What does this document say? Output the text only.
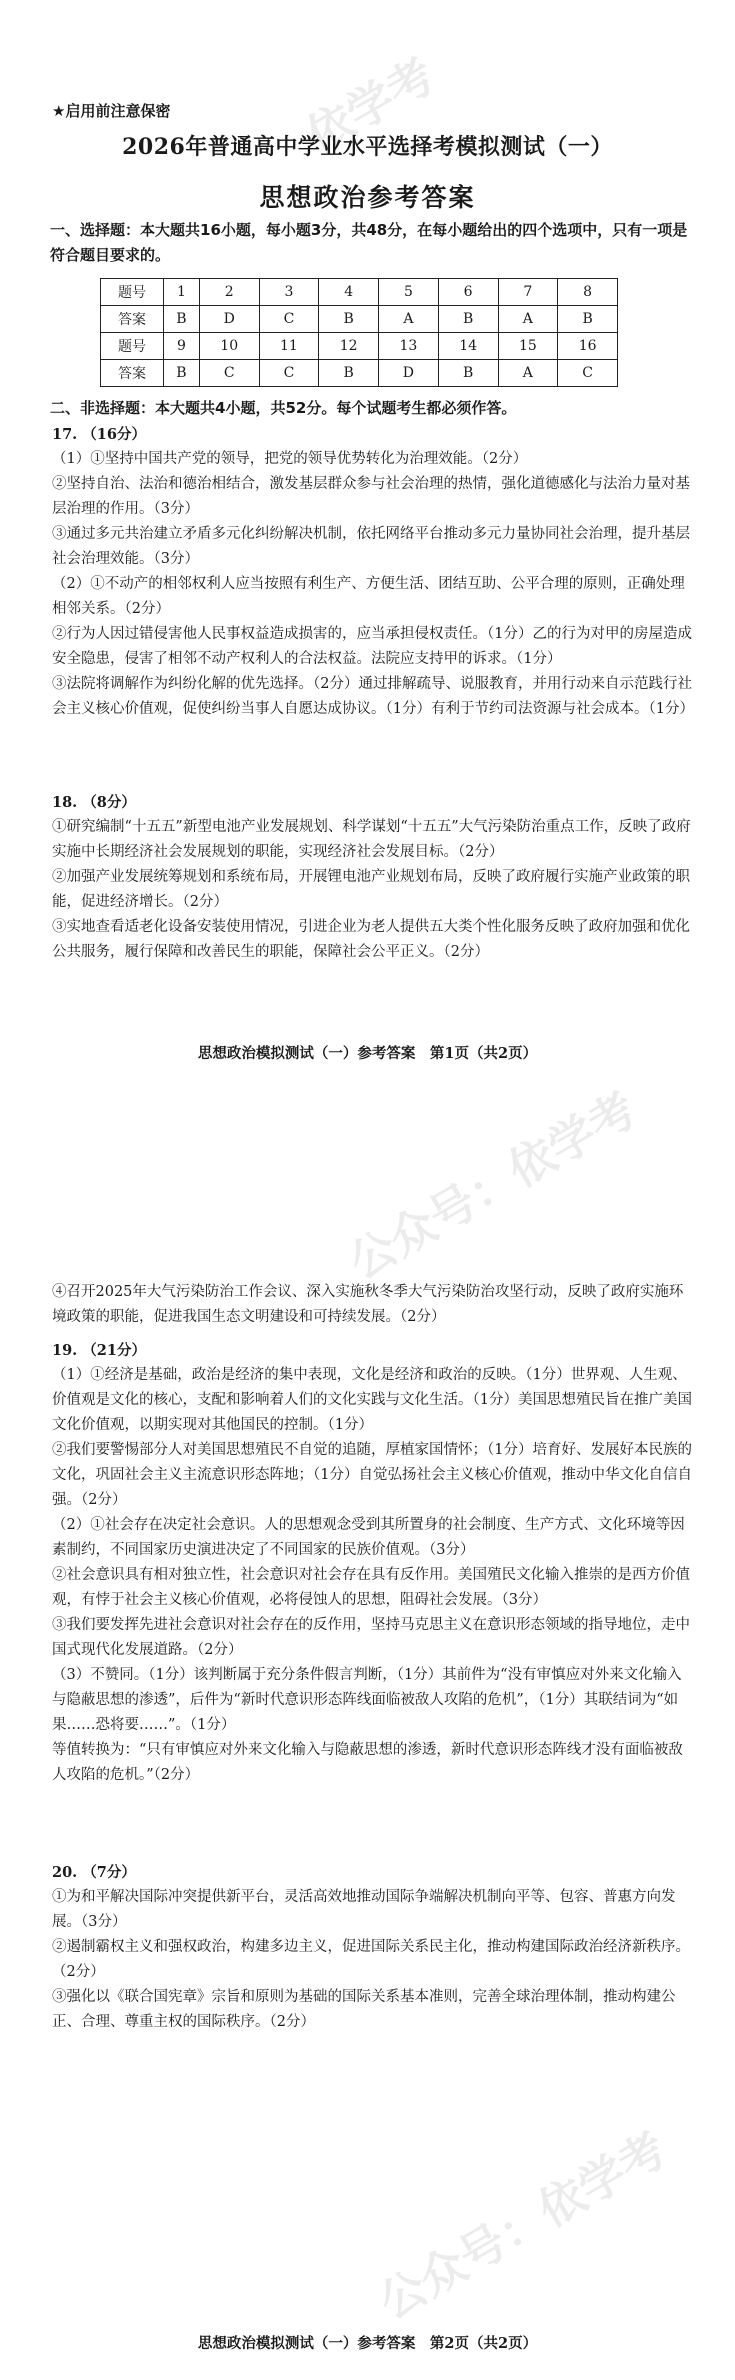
依学考
公众号：依学考
★启用前注意保密
2026年普通高中学业水平选择考模拟测试（一）
思想政治参考答案
一、选择题：本大题共16小题，每小题3分，共48分，在每小题给出的四个选项中，只有一项是符合题目要求的。
题号	1	2	3	4	5	6	7	8
答案	B	D	C	B	A	B	A	B
题号	9	10	11	12	13	14	15	16
答案	B	C	C	B	D	B	A	C
二、非选择题：本大题共4小题，共52分。每个试题考生都必须作答。
17. （16分）

（1）①坚持中国共产党的领导，把党的领导优势转化为治理效能。（2分）

②坚持自治、法治和德治相结合，激发基层群众参与社会治理的热情，强化道德感化与法治力量对基层治理的作用。（3分）

③通过多元共治建立矛盾多元化纠纷解决机制，依托网络平台推动多元力量协同社会治理，提升基层社会治理效能。（3分）

（2）①不动产的相邻权利人应当按照有利生产、方便生活、团结互助、公平合理的原则，正确处理相邻关系。（2分）

②行为人因过错侵害他人民事权益造成损害的，应当承担侵权责任。（1分）乙的行为对甲的房屋造成安全隐患，侵害了相邻不动产权利人的合法权益。法院应支持甲的诉求。（1分）

③法院将调解作为纠纷化解的优先选择。（2分）通过排解疏导、说服教育，并用行动来自示范践行社会主义核心价值观，促使纠纷当事人自愿达成协议。（1分）有利于节约司法资源与社会成本。（1分）

18. （8分）

①研究编制“十五五”新型电池产业发展规划、科学谋划“十五五”大气污染防治重点工作，反映了政府实施中长期经济社会发展规划的职能，实现经济社会发展目标。（2分）

②加强产业发展统筹规划和系统布局，开展锂电池产业规划布局，反映了政府履行实施产业政策的职能，促进经济增长。（2分）

③实地查看适老化设备安装使用情况，引进企业为老人提供五大类个性化服务反映了政府加强和优化公共服务，履行保障和改善民生的职能，保障社会公平正义。（2分）

思想政治模拟测试（一）参考答案　第1页（共2页）
公众号：依学考

④召开2025年大气污染防治工作会议、深入实施秋冬季大气污染防治攻坚行动，反映了政府实施环境政策的职能，促进我国生态文明建设和可持续发展。（2分）

19. （21分）

（1）①经济是基础，政治是经济的集中表现，文化是经济和政治的反映。（1分）世界观、人生观、价值观是文化的核心，支配和影响着人们的文化实践与文化生活。（1分）美国思想殖民旨在推广美国文化价值观，以期实现对其他国民的控制。（1分）

②我们要警惕部分人对美国思想殖民不自觉的追随，厚植家国情怀；（1分）培育好、发展好本民族的文化，巩固社会主义主流意识形态阵地；（1分）自觉弘扬社会主义核心价值观，推动中华文化自信自强。（2分）

（2）①社会存在决定社会意识。人的思想观念受到其所置身的社会制度、生产方式、文化环境等因素制约，不同国家历史演进决定了不同国家的民族价值观。（3分）

②社会意识具有相对独立性，社会意识对社会存在具有反作用。美国殖民文化输入推崇的是西方价值观，有悖于社会主义核心价值观，必将侵蚀人的思想，阻碍社会发展。（3分）

③我们要发挥先进社会意识对社会存在的反作用，坚持马克思主义在意识形态领域的指导地位，走中国式现代化发展道路。（2分）

（3）不赞同。（1分）该判断属于充分条件假言判断，（1分）其前件为“没有审慎应对外来文化输入与隐蔽思想的渗透”，后件为“新时代意识形态阵线面临被敌人攻陷的危机”，（1分）其联结词为“如果……恐将要……”。（1分）

等值转换为：“只有审慎应对外来文化输入与隐蔽思想的渗透，新时代意识形态阵线才没有面临被敌人攻陷的危机。”（2分）

20. （7分）

①为和平解决国际冲突提供新平台，灵活高效地推动国际争端解决机制向平等、包容、普惠方向发展。（3分）

②遏制霸权主义和强权政治，构建多边主义，促进国际关系民主化，推动构建国际政治经济新秩序。（2分）

③强化以《联合国宪章》宗旨和原则为基础的国际关系基本准则，完善全球治理体制，推动构建公正、合理、尊重主权的国际秩序。（2分）

思想政治模拟测试（一）参考答案　第2页（共2页）
